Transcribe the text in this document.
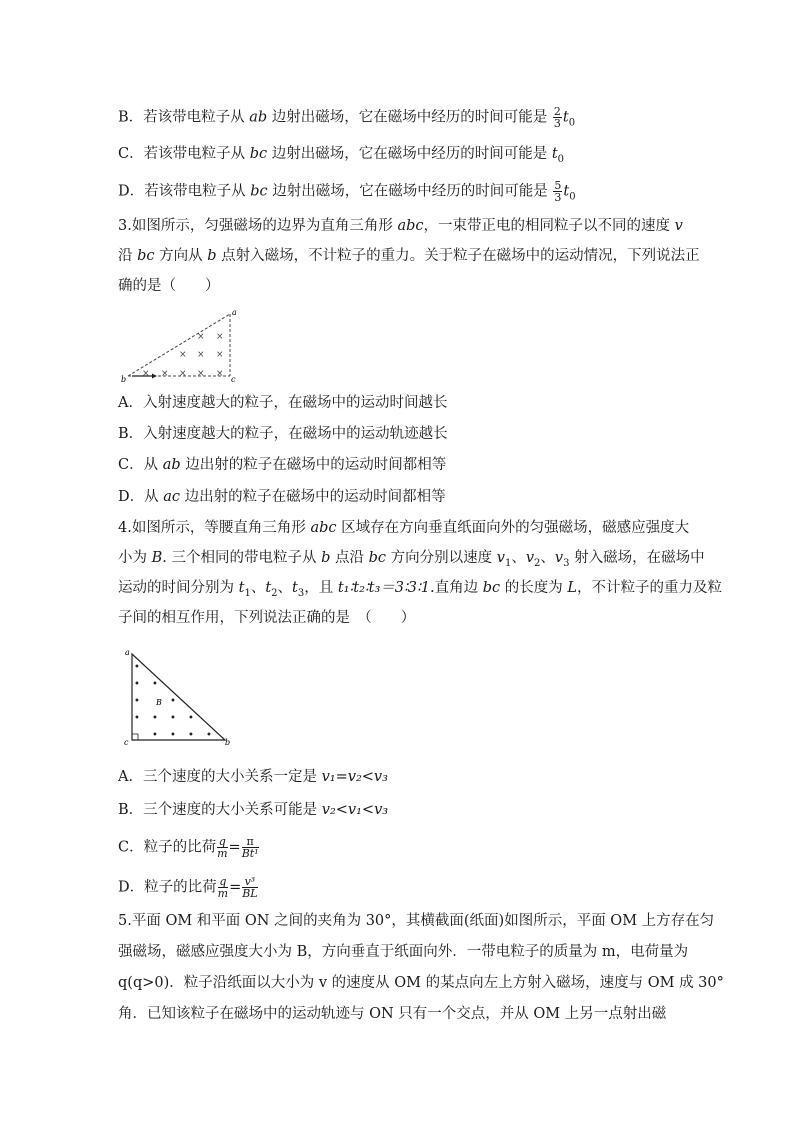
B．若该带电粒子从 ab 边射出磁场，它在磁场中经历的时间可能是 $\frac{2}{3} t_0$
C．若该带电粒子从 bc 边射出磁场，它在磁场中经历的时间可能是 $t_0$
D．若该带电粒子从 bc 边射出磁场，它在磁场中经历的时间可能是 $\frac{5}{3} t_0$
3.如图所示，匀强磁场的边界为直角三角形 abc，一束带正电的相同粒子以不同的速度 v
沿 bc 方向从 b 点射入磁场，不计粒子的重力。关于粒子在磁场中的运动情况，下列说法正
确的是（　　）
a
b	c
× ×
× × ×
× × × × ×
A．入射速度越大的粒子，在磁场中的运动时间越长
B．入射速度越大的粒子，在磁场中的运动轨迹越长
C．从 ab 边出射的粒子在磁场中的运动时间都相等
D．从 ac 边出射的粒子在磁场中的运动时间都相等
4.如图所示，等腰直角三角形 abc 区域存在方向垂直纸面向外的匀强磁场，磁感应强度大
小为 B. 三个相同的带电粒子从 b 点沿 bc 方向分别以速度 $v_1$、$v_2$、$v_3$ 射入磁场，在磁场中
运动的时间分别为 $t_1$、$t_2$、$t_3$，且 t₁∶t₂∶t₃＝3∶3∶1.直角边 bc 的长度为 L，不计粒子的重力及粒
子间的相互作用，下列说法正确的是　（　　）
a
c	b
B
•
• •
•	•
• • • •
• • • •
A．三个速度的大小关系一定是 v₁=v₂<v₃
B．三个速度的大小关系可能是 v₂<v₁<v₃
C．粒子的比荷 $\frac{q}{m} = \frac{\pi}{\text{Bt¹}}$
D．粒子的比荷 $\frac{q}{m} = \frac{\text{v³}}{BL}$
5.平面 OM 和平面 ON 之间的夹角为 30°，其横截面(纸面)如图所示，平面 OM 上方存在匀
强磁场，磁感应强度大小为 B，方向垂直于纸面向外．一带电粒子的质量为 m，电荷量为
q(q>0)．粒子沿纸面以大小为 v 的速度从 OM 的某点向左上方射入磁场，速度与 OM 成 30°
角．已知该粒子在磁场中的运动轨迹与 ON 只有一个交点，并从 OM 上另一点射出磁
